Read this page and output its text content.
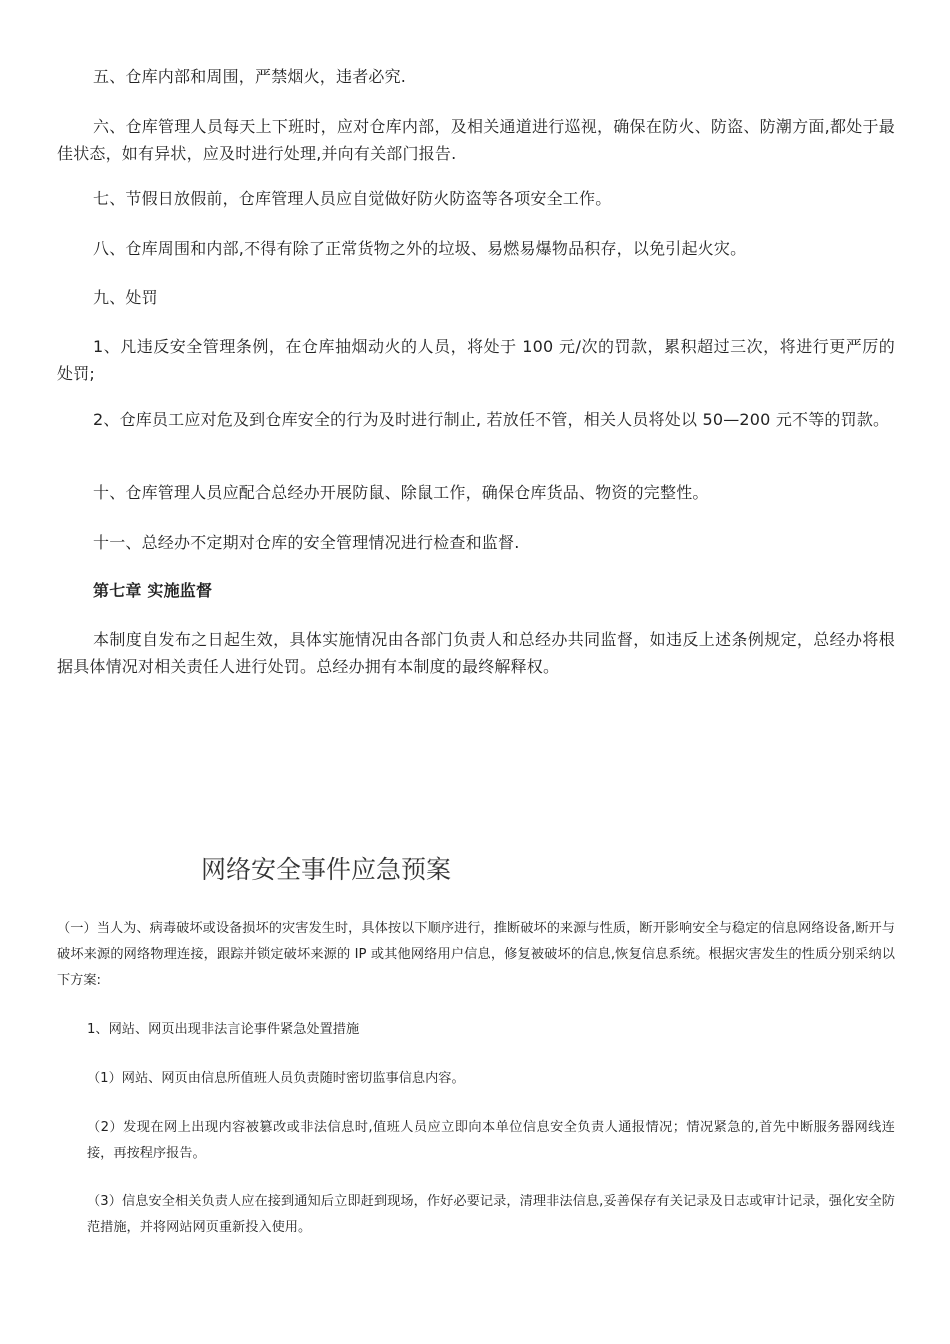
五、仓库内部和周围，严禁烟火，违者必究.

六、仓库管理人员每天上下班时，应对仓库内部，及相关通道进行巡视，确保在防火、防盗、防潮方面,都处于最佳状态，如有异状，应及时进行处理,并向有关部门报告.

七、节假日放假前，仓库管理人员应自觉做好防火防盗等各项安全工作。

八、仓库周围和内部,不得有除了正常货物之外的垃圾、易燃易爆物品积存，以免引起火灾。

九、处罚

1、凡违反安全管理条例，在仓库抽烟动火的人员，将处于 100 元/次的罚款，累积超过三次，将进行更严厉的处罚;

2、仓库员工应对危及到仓库安全的行为及时进行制止, 若放任不管，相关人员将处以 50—200 元不等的罚款。

十、仓库管理人员应配合总经办开展防鼠、除鼠工作，确保仓库货品、物资的完整性。

十一、总经办不定期对仓库的安全管理情况进行检查和监督.

第七章 实施监督

本制度自发布之日起生效，具体实施情况由各部门负责人和总经办共同监督，如违反上述条例规定，总经办将根据具体情况对相关责任人进行处罚。总经办拥有本制度的最终解释权。

网络安全事件应急预案

（一）当人为、病毒破坏或设备损坏的灾害发生时，具体按以下顺序进行，推断破坏的来源与性质，断开影响安全与稳定的信息网络设备,断开与破坏来源的网络物理连接，跟踪并锁定破坏来源的 IP 或其他网络用户信息，修复被破坏的信息,恢复信息系统。根据灾害发生的性质分别采纳以下方案:

1、网站、网页出现非法言论事件紧急处置措施

（1）网站、网页由信息所值班人员负责随时密切监事信息内容。

（2）发现在网上出现内容被篡改或非法信息时,值班人员应立即向本单位信息安全负责人通报情况；情况紧急的,首先中断服务器网线连接，再按程序报告。

（3）信息安全相关负责人应在接到通知后立即赶到现场，作好必要记录，清理非法信息,妥善保存有关记录及日志或审计记录，强化安全防范措施，并将网站网页重新投入使用。
